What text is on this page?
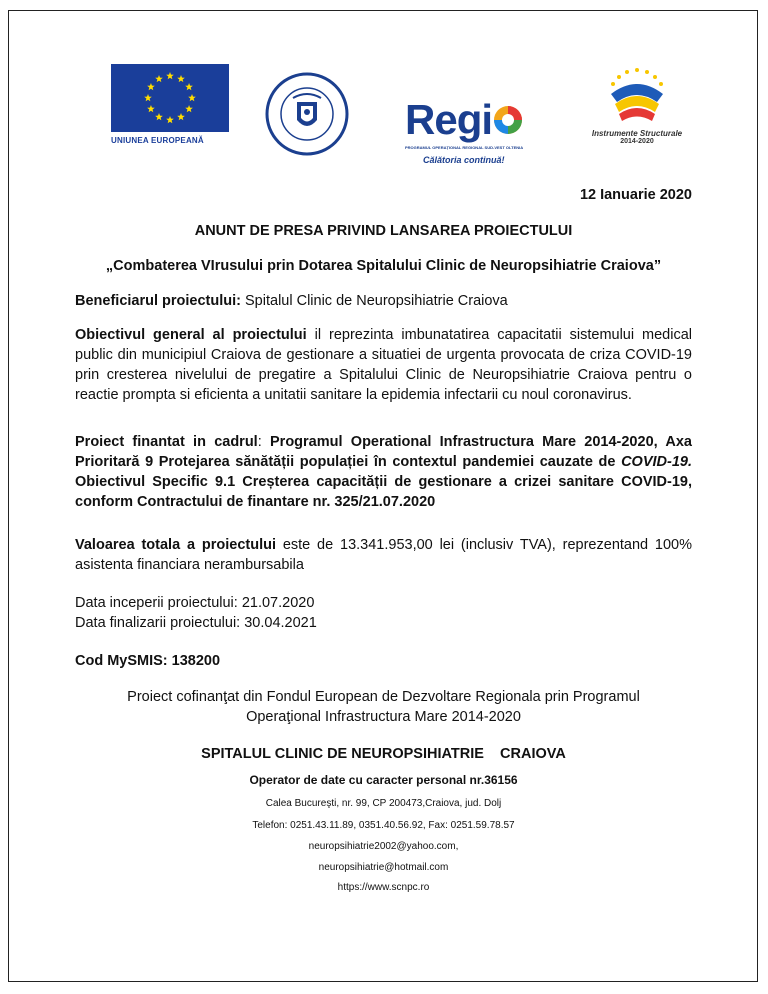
UNIUNEA EUROPEANĂ	Regi
PROGRAMUL OPERAȚIONAL REGIONAL SUD-VEST OLTENIA
Călătoria continuă!
Instrumente Structurale
2014-2020
12 Ianuarie 2020
ANUNT DE PRESA PRIVIND LANSAREA PROIECTULUI
„Combaterea VIrusului prin Dotarea Spitalului Clinic de Neuropsihiatrie Craiova”
Beneficiarul proiectului: Spitalul Clinic de Neuropsihiatrie Craiova
Obiectivul general al proiectului il reprezinta imbunatatirea capacitatii sistemului medical public din municipiul Craiova de gestionare a situatiei de urgenta provocata de criza COVID-19 prin cresterea nivelului de pregatire a Spitalului Clinic de Neuropsihiatrie Craiova pentru o reactie prompta si eficienta a unitatii sanitare la epidemia infectarii cu noul coronavirus.
Proiect finantat in cadrul: Programul Operational Infrastructura Mare 2014-2020, Axa Prioritară 9 Protejarea sănătății populației în contextul pandemiei cauzate de COVID-19. Obiectivul Specific 9.1 Creșterea capacității de gestionare a crizei sanitare COVID-19, conform Contractului de finantare nr. 325/21.07.2020
Valoarea totala a proiectului este de 13.341.953,00 lei (inclusiv TVA), reprezentand 100% asistenta financiara nerambursabila
Data inceperii proiectului: 21.07.2020
Data finalizarii proiectului: 30.04.2021
Cod MySMIS: 138200
Proiect cofinanţat din Fondul European de Dezvoltare Regionala prin Programul
Operaţional Infrastructura Mare 2014-2020
SPITALUL CLINIC DE NEUROPSIHIATRIE    CRAIOVA
Operator de date cu caracter personal nr.36156
Calea Bucureşti, nr. 99, CP 200473,Craiova, jud. Dolj
Telefon: 0251.43.11.89, 0351.40.56.92, Fax: 0251.59.78.57
neuropsihiatrie2002@yahoo.com,
neuropsihiatrie@hotmail.com
https://www.scnpc.ro
